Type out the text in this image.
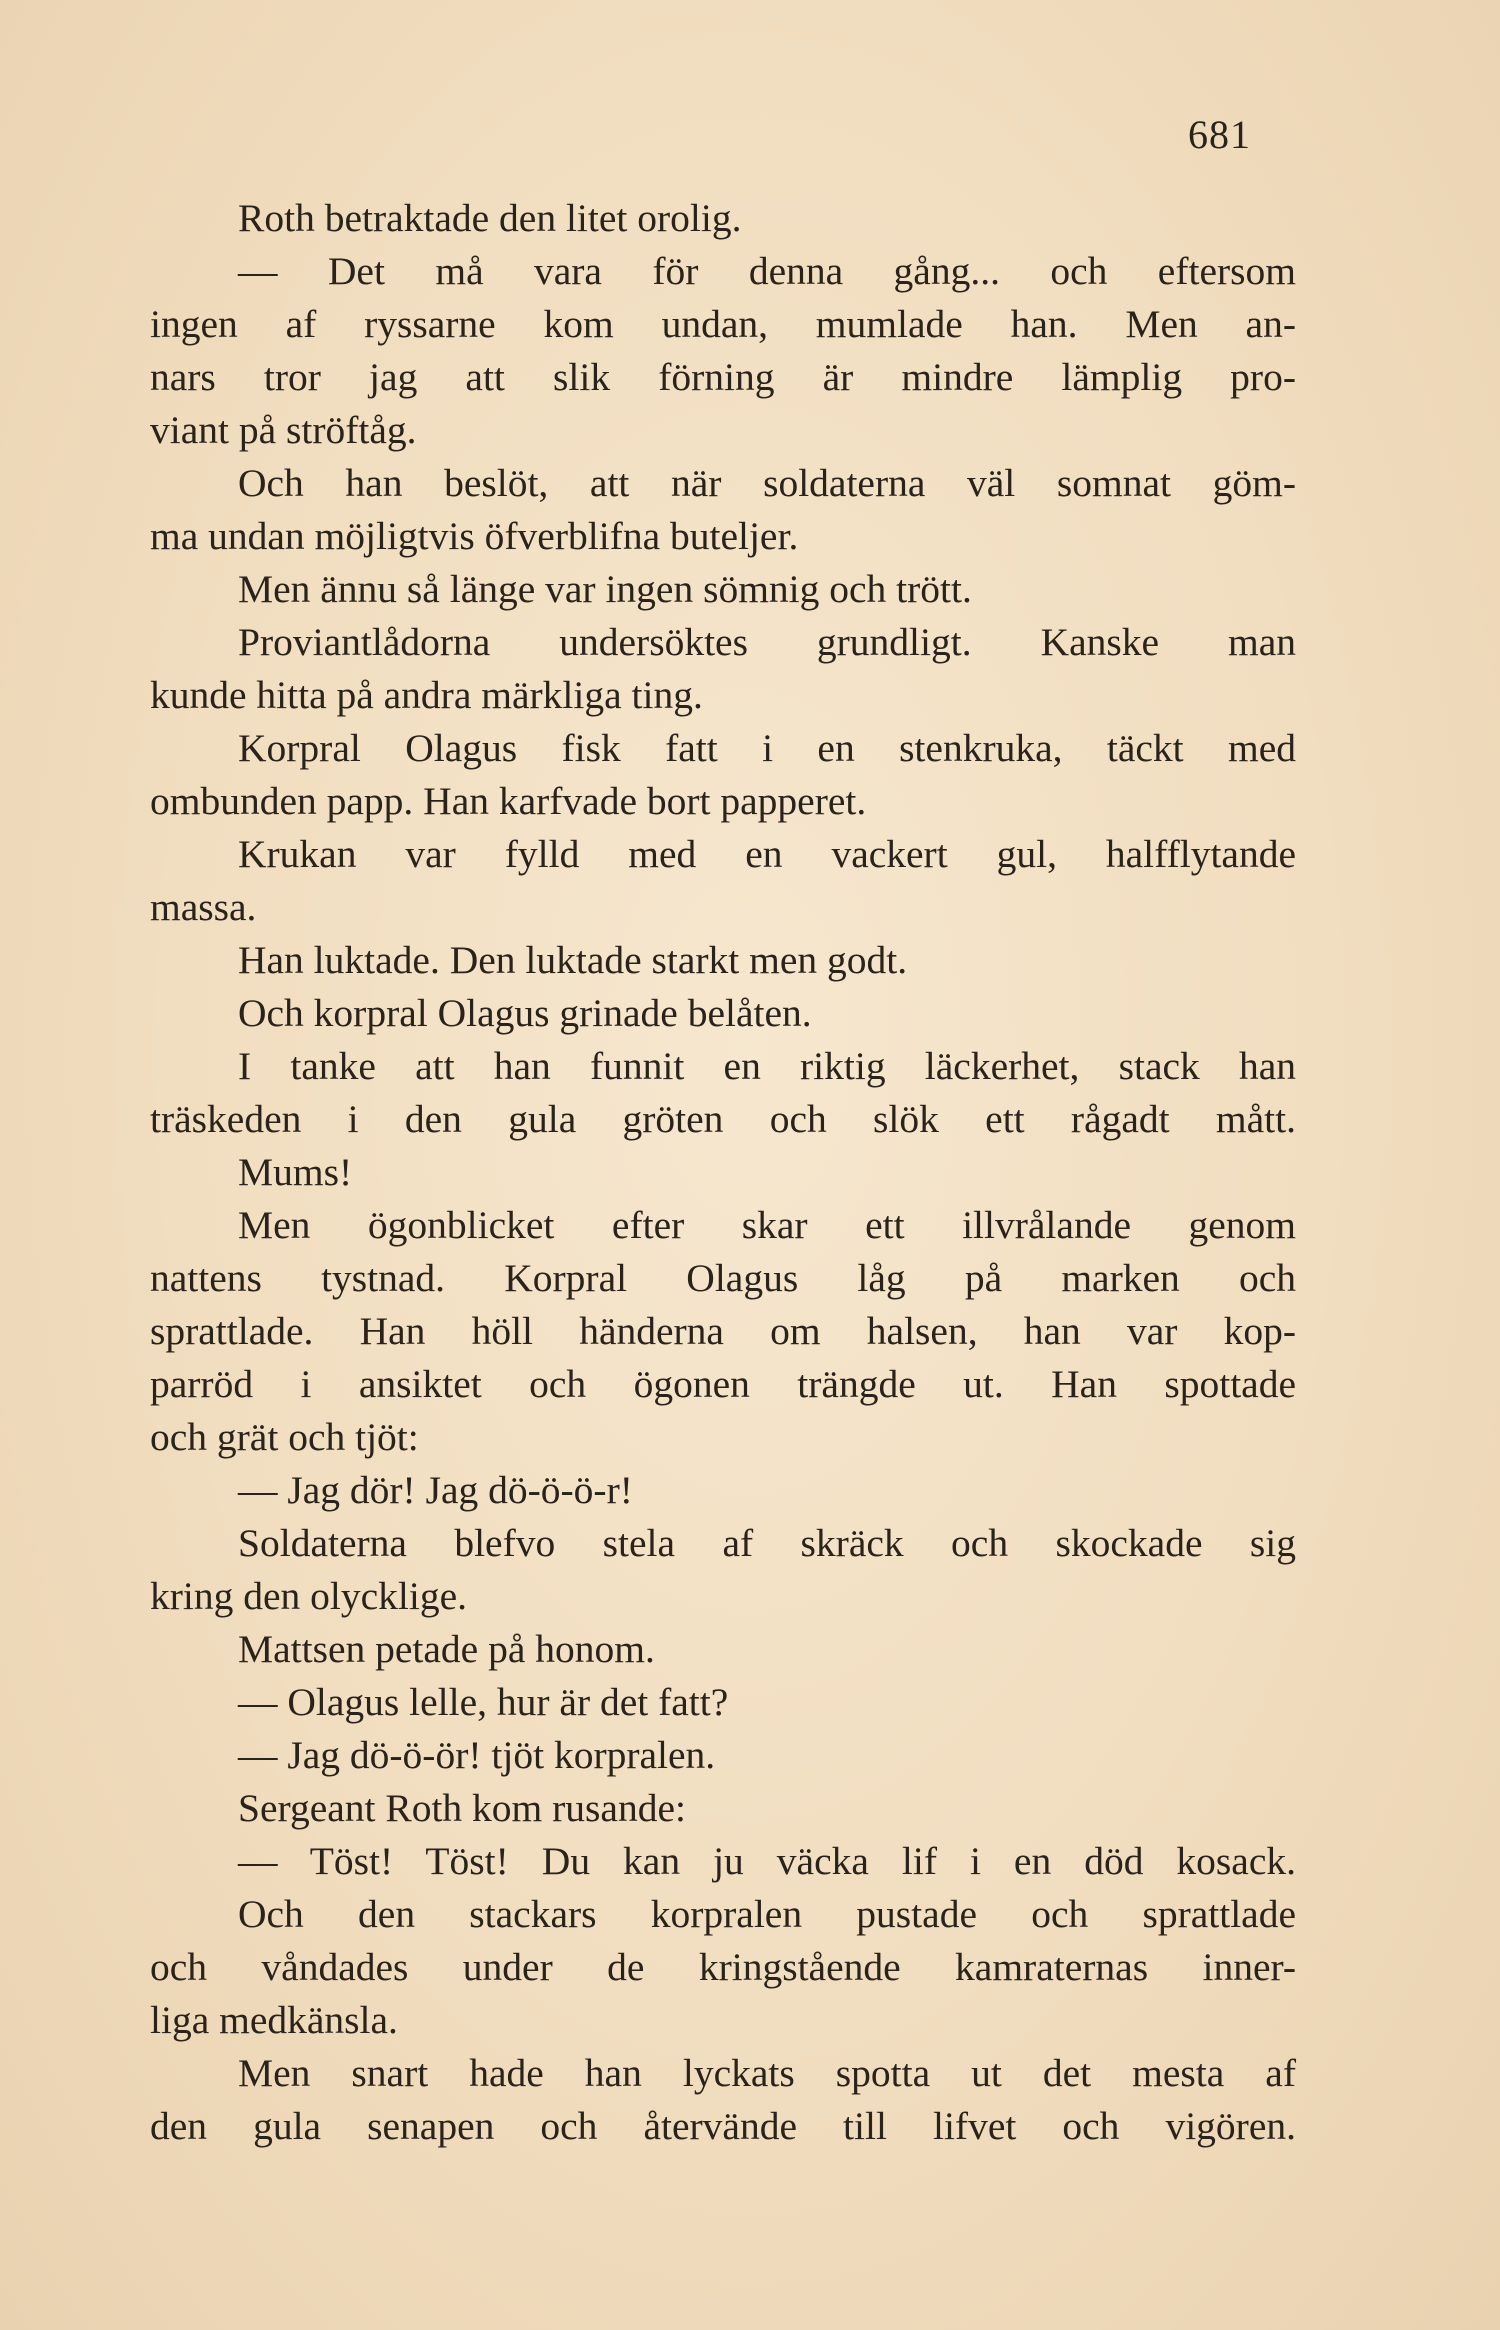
681
Roth betraktade den litet orolig.
— Det må vara för denna gång... och eftersom
ingen af ryssarne kom undan, mumlade han. Men an-
nars tror jag att slik förning är mindre lämplig pro-
viant på ströftåg.
Och han beslöt, att när soldaterna väl somnat göm-
ma undan möjligtvis öfverblifna buteljer.
Men ännu så länge var ingen sömnig och trött.
Proviantlådorna undersöktes grundligt. Kanske man
kunde hitta på andra märkliga ting.
Korpral Olagus fisk fatt i en stenkruka, täckt med
ombunden papp. Han karfvade bort papperet.
Krukan var fylld med en vackert gul, halfflytande
massa.
Han luktade. Den luktade starkt men godt.
Och korpral Olagus grinade belåten.
I tanke att han funnit en riktig läckerhet, stack han
träskeden i den gula gröten och slök ett rågadt mått.
Mums!
Men ögonblicket efter skar ett illvrålande genom
nattens tystnad. Korpral Olagus låg på marken och
sprattlade. Han höll händerna om halsen, han var kop-
parröd i ansiktet och ögonen trängde ut. Han spottade
och grät och tjöt:
— Jag dör! Jag dö-ö-ö-r!
Soldaterna blefvo stela af skräck och skockade sig
kring den olycklige.
Mattsen petade på honom.
— Olagus lelle, hur är det fatt?
— Jag dö-ö-ör! tjöt korpralen.
Sergeant Roth kom rusande:
— Töst! Töst! Du kan ju väcka lif i en död kosack.
Och den stackars korpralen pustade och sprattlade
och våndades under de kringstående kamraternas inner-
liga medkänsla.
Men snart hade han lyckats spotta ut det mesta af
den gula senapen och återvände till lifvet och vigören.
